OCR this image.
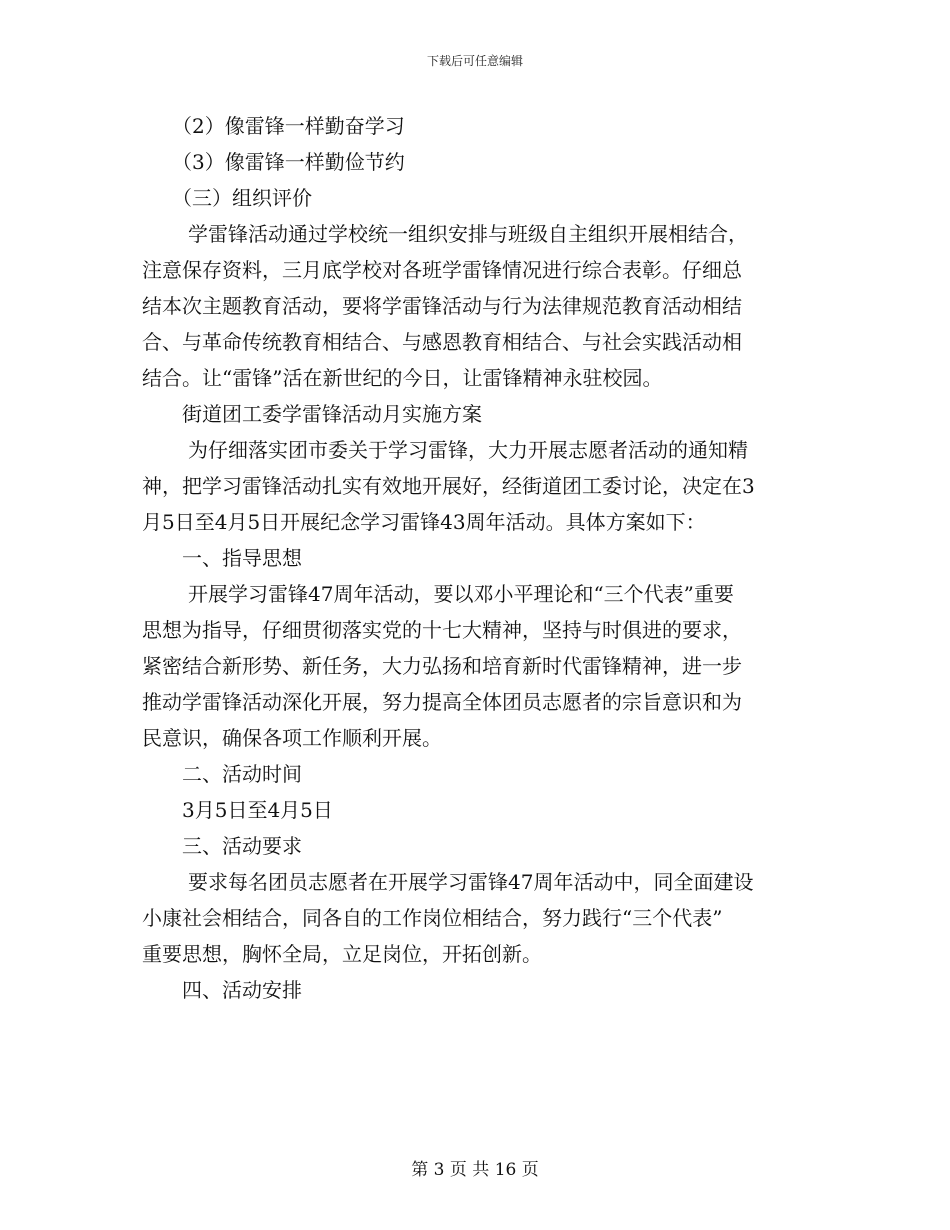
下载后可任意编辑
（2）像雷锋一样勤奋学习
（3）像雷锋一样勤俭节约
（三）组织评价
学雷锋活动通过学校统一组织安排与班级自主组织开展相结合，
注意保存资料，三月底学校对各班学雷锋情况进行综合表彰。仔细总
结本次主题教育活动，要将学雷锋活动与行为法律规范教育活动相结
合、与革命传统教育相结合、与感恩教育相结合、与社会实践活动相
结合。让“雷锋”活在新世纪的今日，让雷锋精神永驻校园。
街道团工委学雷锋活动月实施方案
为仔细落实团市委关于学习雷锋，大力开展志愿者活动的通知精
神，把学习雷锋活动扎实有效地开展好，经街道团工委讨论，决定在3
月5日至4月5日开展纪念学习雷锋43周年活动。具体方案如下：
一、指导思想
开展学习雷锋47周年活动，要以邓小平理论和“三个代表”重要
思想为指导，仔细贯彻落实党的十七大精神，坚持与时俱进的要求，
紧密结合新形势、新任务，大力弘扬和培育新时代雷锋精神，进一步
推动学雷锋活动深化开展，努力提高全体团员志愿者的宗旨意识和为
民意识，确保各项工作顺利开展。
二、活动时间
3月5日至4月5日
三、活动要求
要求每名团员志愿者在开展学习雷锋47周年活动中，同全面建设
小康社会相结合，同各自的工作岗位相结合，努力践行“三个代表”
重要思想，胸怀全局，立足岗位，开拓创新。
四、活动安排
第 3 页 共 16 页
